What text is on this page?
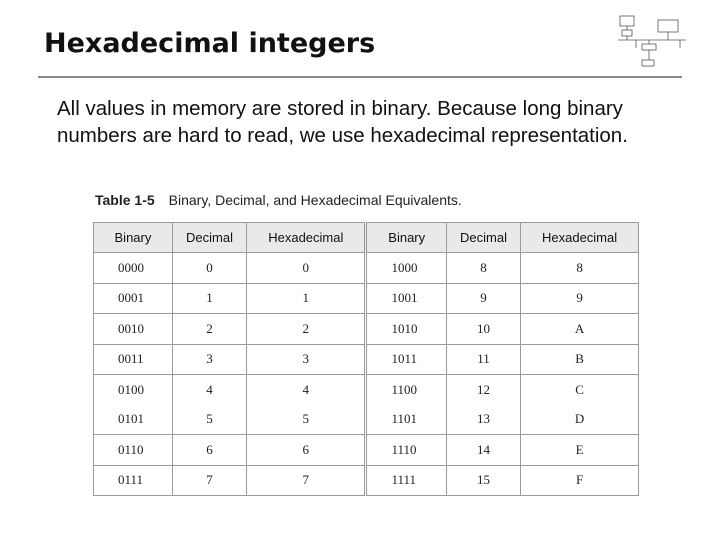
Hexadecimal integers
All values in memory are stored in binary. Because long binary numbers are hard to read, we use hexadecimal representation.
Table 1-5 Binary, Decimal, and Hexadecimal Equivalents.
Binary	Decimal	Hexadecimal	Binary	Decimal	Hexadecimal
0000	0	0	1000	8	8
0001	1	1	1001	9	9
0010	2	2	1010	10	A
0011	3	3	1011	11	B
0100	4	4	1100	12	C
0101	5	5	1101	13	D
0110	6	6	1110	14	E
0111	7	7	1111	15	F
